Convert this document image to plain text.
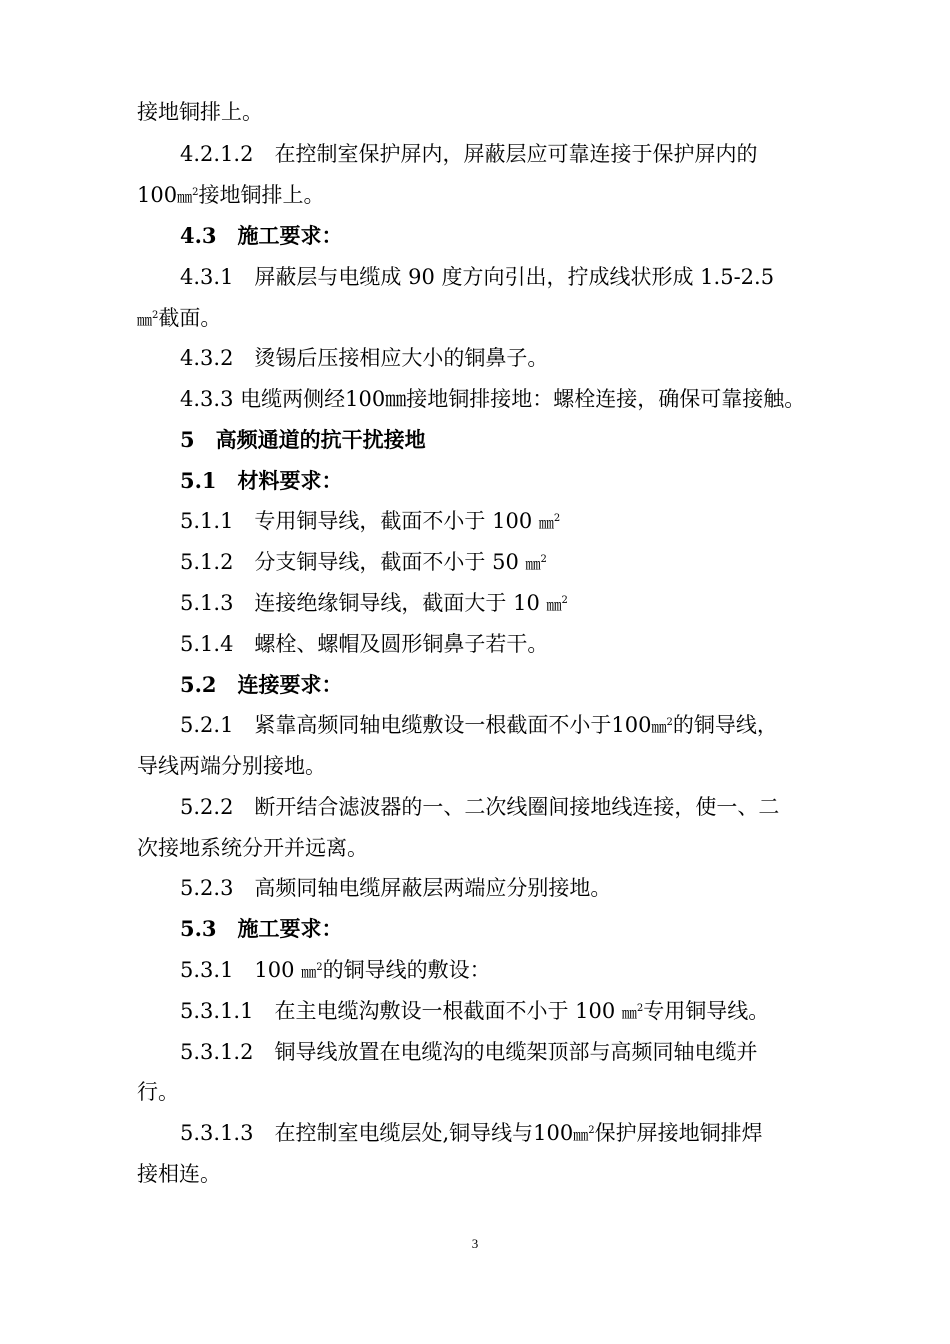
接地铜排上。
4.2.1.2　在控制室保护屏内，屏蔽层应可靠连接于保护屏内的
100㎜$^2$接地铜排上。
4.3　施工要求：
4.3.1　屏蔽层与电缆成 90 度方向引出，拧成线状形成 1.5-2.5
㎜$^2$截面。
4.3.2　烫锡后压接相应大小的铜鼻子。
4.3.3 电缆两侧经100㎜接地铜排接地：螺栓连接，确保可靠接触。
5　高频通道的抗干扰接地
5.1　材料要求：
5.1.1　专用铜导线，截面不小于 100 ㎜$^2$
5.1.2　分支铜导线，截面不小于 50 ㎜$^2$
5.1.3　连接绝缘铜导线，截面大于 10 ㎜$^2$
5.1.4　螺栓、螺帽及圆形铜鼻子若干。
5.2　连接要求：
5.2.1　紧靠高频同轴电缆敷设一根截面不小于100㎜$^2$的铜导线，
导线两端分别接地。
5.2.2　断开结合滤波器的一、二次线圈间接地线连接，使一、二
次接地系统分开并远离。
5.2.3　高频同轴电缆屏蔽层两端应分别接地。
5.3　施工要求：
5.3.1　100 ㎜$^2$的铜导线的敷设：
5.3.1.1　在主电缆沟敷设一根截面不小于 100 ㎜$^2$专用铜导线。
5.3.1.2　铜导线放置在电缆沟的电缆架顶部与高频同轴电缆并
行。
5.3.1.3　在控制室电缆层处,铜导线与100㎜$^2$保护屏接地铜排焊
接相连。
3
